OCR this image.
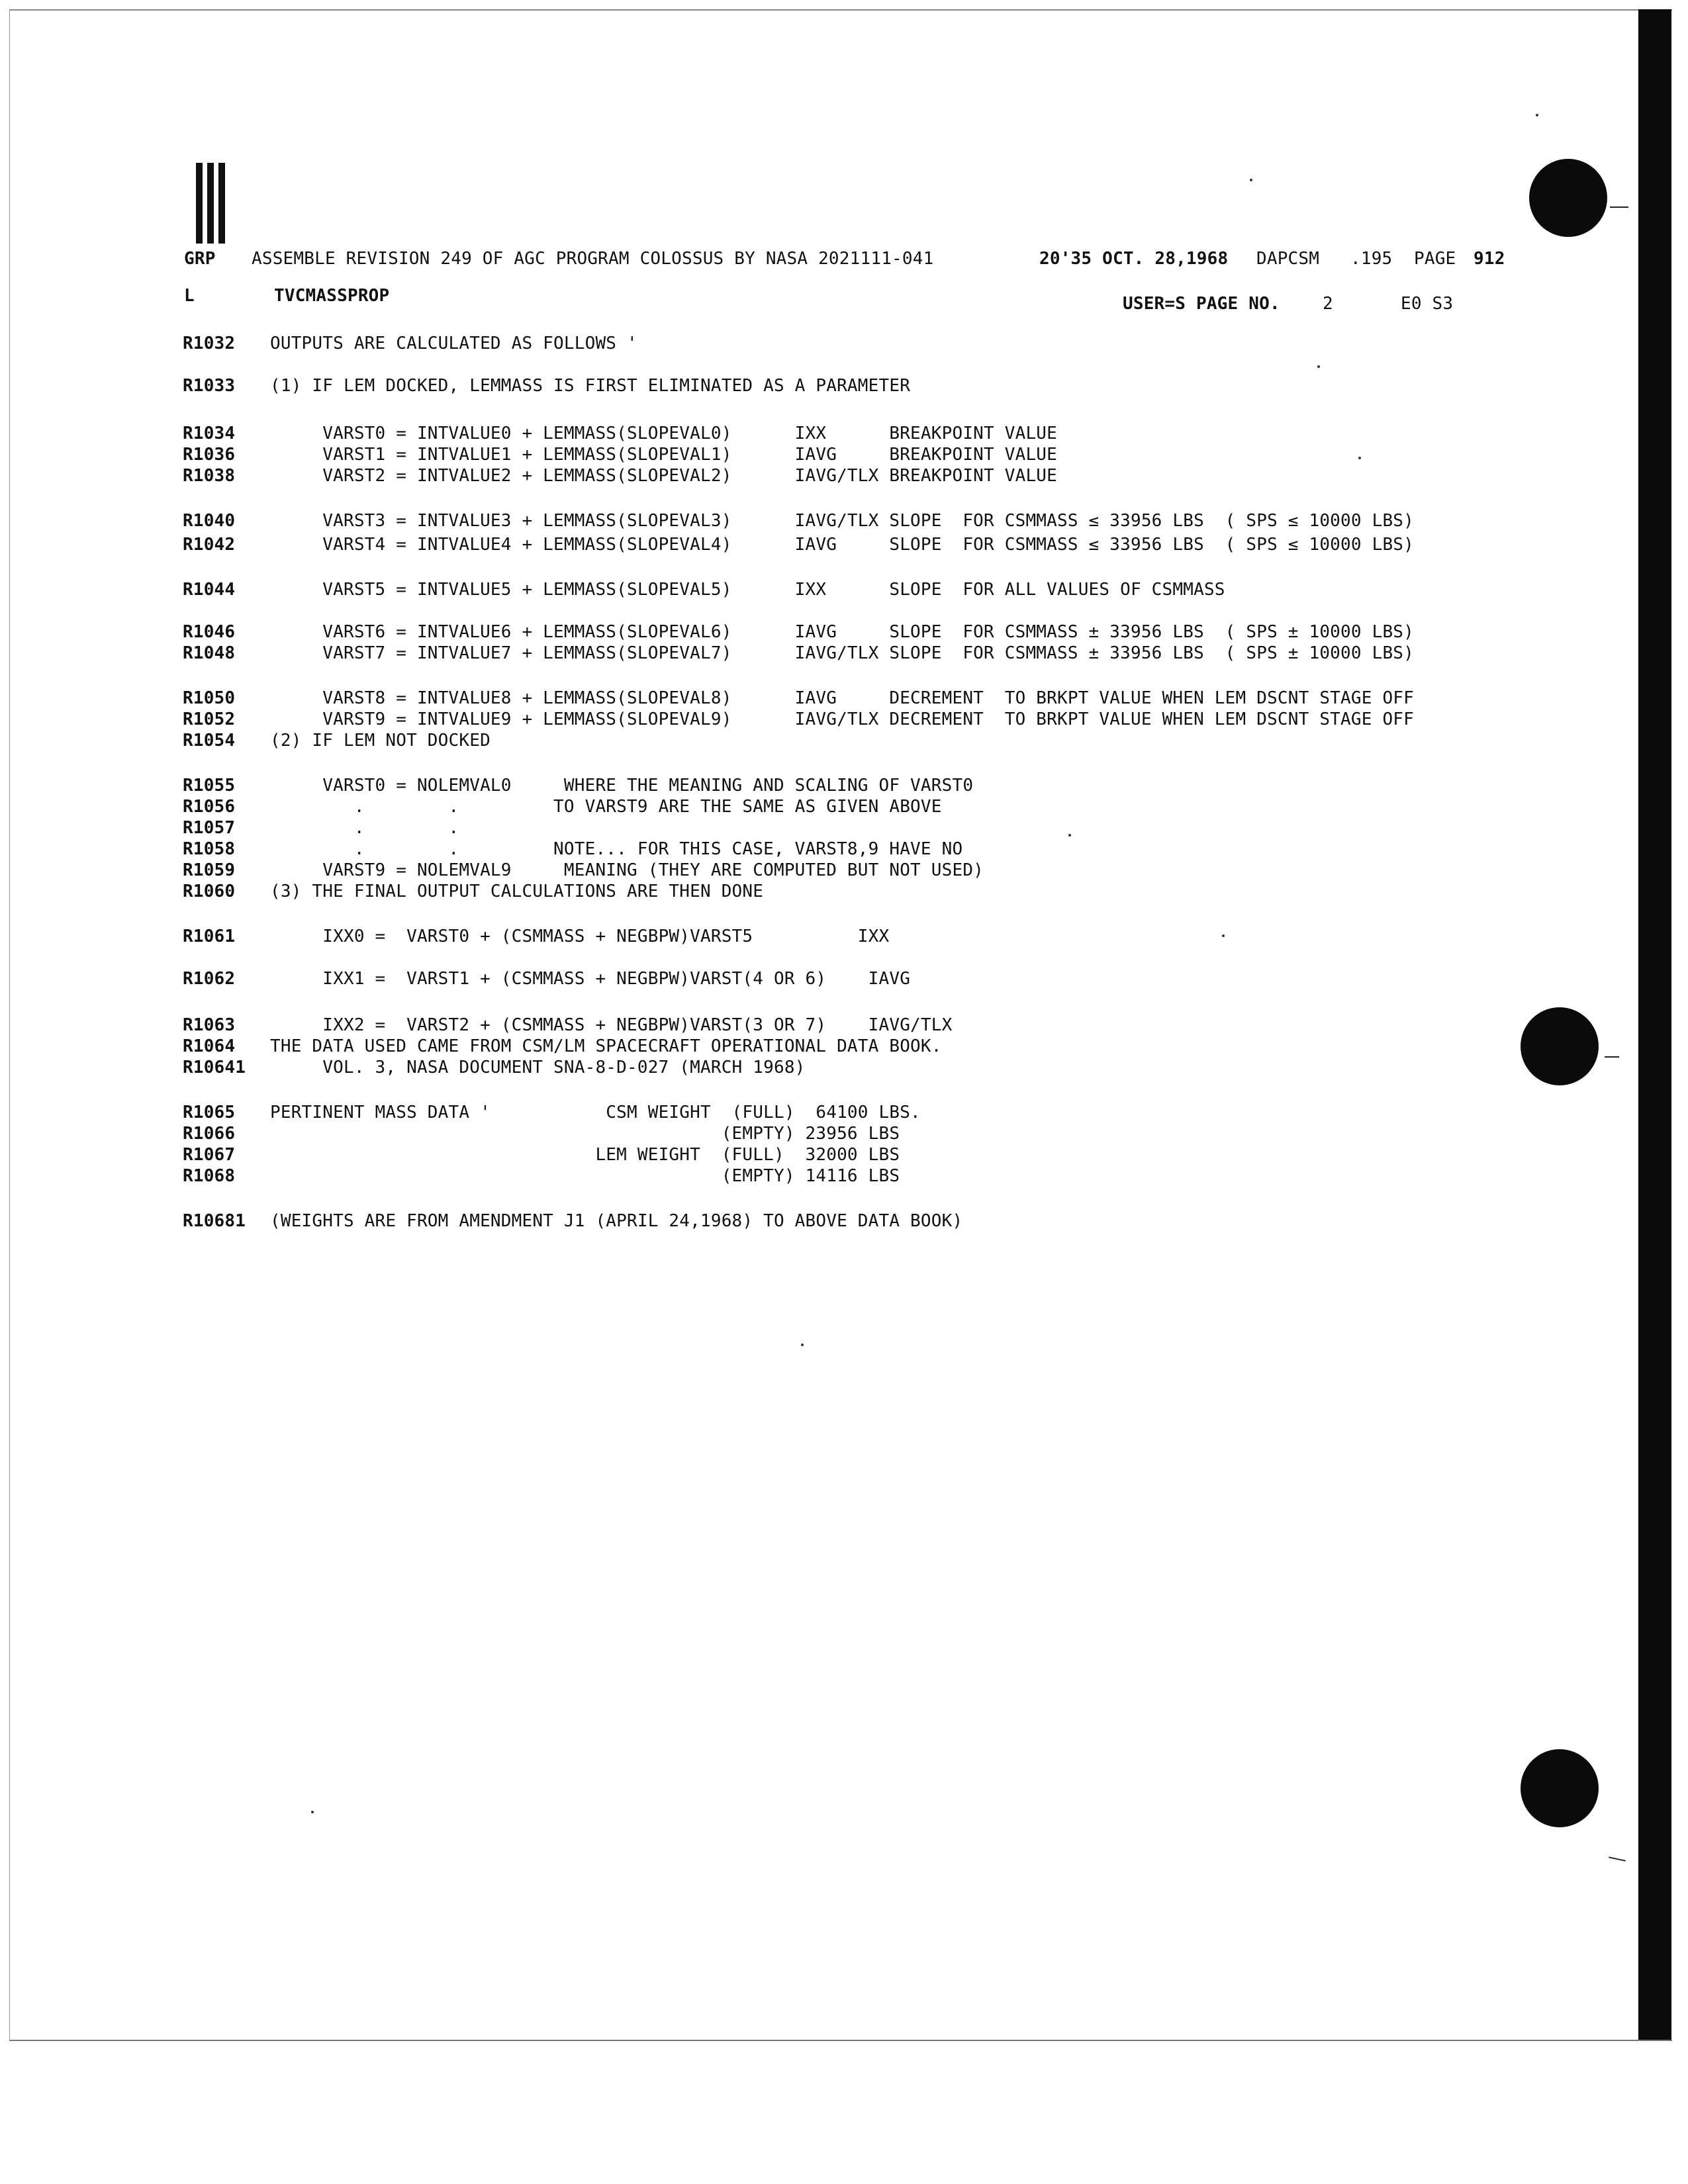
GRP ASSEMBLE REVISION 249 OF AGC PROGRAM COLOSSUS BY NASA 2021111-041	20'35 OCT. 28,1968 DAPCSM .195 PAGE 912
L	TVCMASSPROP	USER=S PAGE NO. 2	E0 S3
R1032 OUTPUTS ARE CALCULATED AS FOLLOWS '
R1033 (1) IF LEM DOCKED, LEMMASS IS FIRST ELIMINATED AS A PARAMETER
R1034 VARST0 = INTVALUE0 + LEMMASS(SLOPEVAL0)      IXX      BREAKPOINT VALUE
R1036 VARST1 = INTVALUE1 + LEMMASS(SLOPEVAL1)      IAVG     BREAKPOINT VALUE
R1038 VARST2 = INTVALUE2 + LEMMASS(SLOPEVAL2)      IAVG/TLX BREAKPOINT VALUE
R1040 VARST3 = INTVALUE3 + LEMMASS(SLOPEVAL3)      IAVG/TLX SLOPE  FOR CSMMASS ≤ 33956 LBS  ( SPS ≤ 10000 LBS)
R1042 VARST4 = INTVALUE4 + LEMMASS(SLOPEVAL4)      IAVG     SLOPE  FOR CSMMASS ≤ 33956 LBS  ( SPS ≤ 10000 LBS)
R1044 VARST5 = INTVALUE5 + LEMMASS(SLOPEVAL5)      IXX      SLOPE  FOR ALL VALUES OF CSMMASS
R1046 VARST6 = INTVALUE6 + LEMMASS(SLOPEVAL6)      IAVG     SLOPE  FOR CSMMASS ± 33956 LBS  ( SPS ± 10000 LBS)
R1048 VARST7 = INTVALUE7 + LEMMASS(SLOPEVAL7)      IAVG/TLX SLOPE  FOR CSMMASS ± 33956 LBS  ( SPS ± 10000 LBS)
R1050 VARST8 = INTVALUE8 + LEMMASS(SLOPEVAL8)      IAVG     DECREMENT  TO BRKPT VALUE WHEN LEM DSCNT STAGE OFF
R1052 VARST9 = INTVALUE9 + LEMMASS(SLOPEVAL9)      IAVG/TLX DECREMENT  TO BRKPT VALUE WHEN LEM DSCNT STAGE OFF
R1054 (2) IF LEM NOT DOCKED
R1055 VARST0 = NOLEMVAL0     WHERE THE MEANING AND SCALING OF VARST0
R1056 .        .         TO VARST9 ARE THE SAME AS GIVEN ABOVE
R1057 .        .
R1058 .        .         NOTE... FOR THIS CASE, VARST8,9 HAVE NO
R1059 VARST9 = NOLEMVAL9     MEANING (THEY ARE COMPUTED BUT NOT USED)
R1060 (3) THE FINAL OUTPUT CALCULATIONS ARE THEN DONE
R1061 IXX0 =  VARST0 + (CSMMASS + NEGBPW)VARST5          IXX
R1062 IXX1 =  VARST1 + (CSMMASS + NEGBPW)VARST(4 OR 6)    IAVG
R1063 IXX2 =  VARST2 + (CSMMASS + NEGBPW)VARST(3 OR 7)    IAVG/TLX
R1064 THE DATA USED CAME FROM CSM/LM SPACECRAFT OPERATIONAL DATA BOOK.
R10641 VOL. 3, NASA DOCUMENT SNA-8-D-027 (MARCH 1968)
R1065 PERTINENT MASS DATA '           CSM WEIGHT  (FULL)  64100 LBS.
R1066 (EMPTY) 23956 LBS
R1067 LEM WEIGHT  (FULL)  32000 LBS
R1068 (EMPTY) 14116 LBS
R10681 (WEIGHTS ARE FROM AMENDMENT J1 (APRIL 24,1968) TO ABOVE DATA BOOK)
